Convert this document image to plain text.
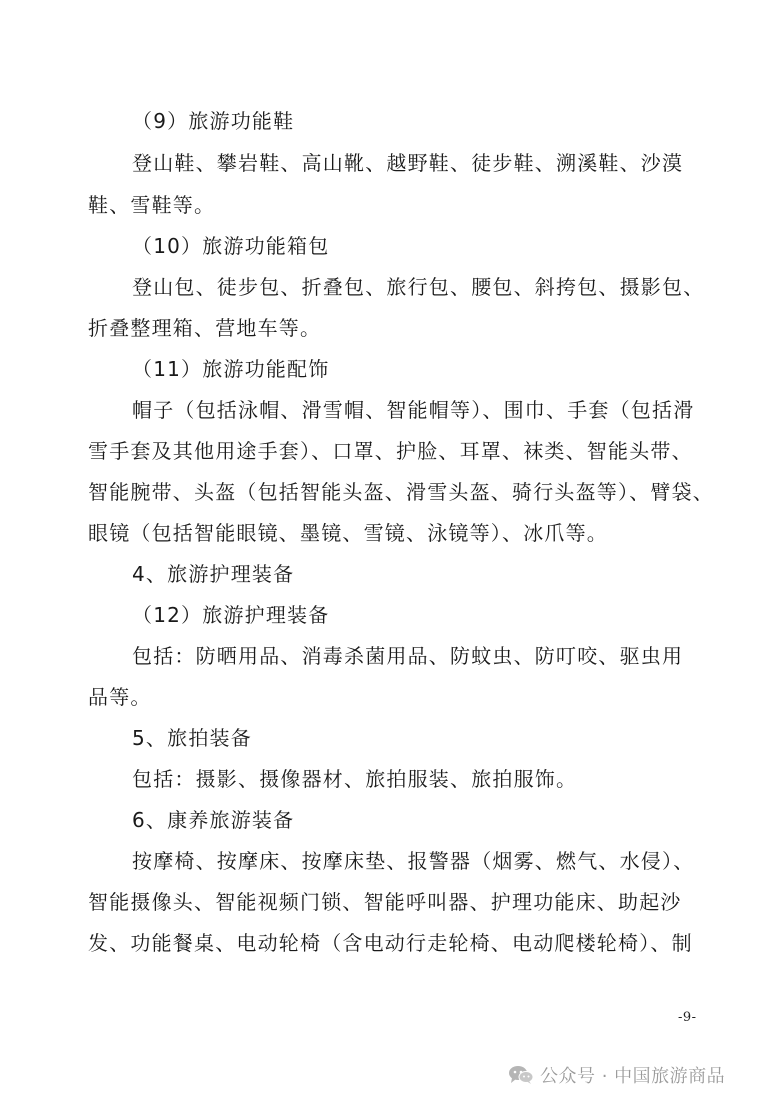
（9）旅游功能鞋
登山鞋、攀岩鞋、高山靴、越野鞋、徒步鞋、溯溪鞋、沙漠
鞋、雪鞋等。
（10）旅游功能箱包
登山包、徒步包、折叠包、旅行包、腰包、斜挎包、摄影包、
折叠整理箱、营地车等。
（11）旅游功能配饰
帽子（包括泳帽、滑雪帽、智能帽等）、围巾、手套（包括滑
雪手套及其他用途手套）、口罩、护脸、耳罩、袜类、智能头带、
智能腕带、头盔（包括智能头盔、滑雪头盔、骑行头盔等）、臂袋、
眼镜（包括智能眼镜、墨镜、雪镜、泳镜等）、冰爪等。
4、旅游护理装备
（12）旅游护理装备
包括：防晒用品、消毒杀菌用品、防蚊虫、防叮咬、驱虫用
品等。
5、旅拍装备
包括：摄影、摄像器材、旅拍服装、旅拍服饰。
6、康养旅游装备
按摩椅、按摩床、按摩床垫、报警器（烟雾、燃气、水侵）、
智能摄像头、智能视频门锁、智能呼叫器、护理功能床、助起沙
发、功能餐桌、电动轮椅（含电动行走轮椅、电动爬楼轮椅）、制
-9-
公众号 · 中国旅游商品
